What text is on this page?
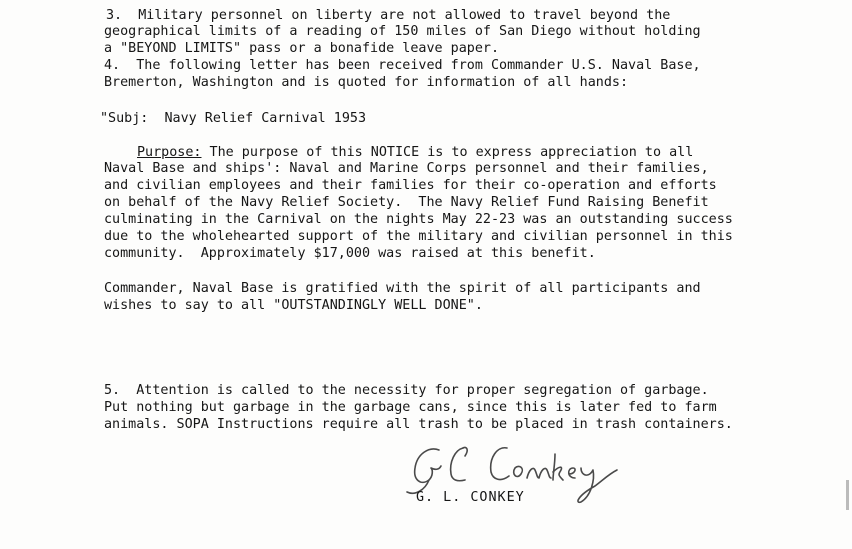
3.  Military personnel on liberty are not allowed to travel beyond the
geographical limits of a reading of 150 miles of San Diego without holding
a "BEYOND LIMITS" pass or a bonafide leave paper.
4.  The following letter has been received from Commander U.S. Naval Base,
Bremerton, Washington and is quoted for information of all hands:
"Subj:  Navy Relief Carnival 1953
Purpose: The purpose of this NOTICE is to express appreciation to all
Naval Base and ships': Naval and Marine Corps personnel and their families,
and civilian employees and their families for their co-operation and efforts
on behalf of the Navy Relief Society.  The Navy Relief Fund Raising Benefit
culminating in the Carnival on the nights May 22-23 was an outstanding success
due to the wholehearted support of the military and civilian personnel in this
community.  Approximately $17,000 was raised at this benefit.
Commander, Naval Base is gratified with the spirit of all participants and
wishes to say to all "OUTSTANDINGLY WELL DONE".
5.  Attention is called to the necessity for proper segregation of garbage.
Put nothing but garbage in the garbage cans, since this is later fed to farm
animals. SOPA Instructions require all trash to be placed in trash containers.
G. L. CONKEY
